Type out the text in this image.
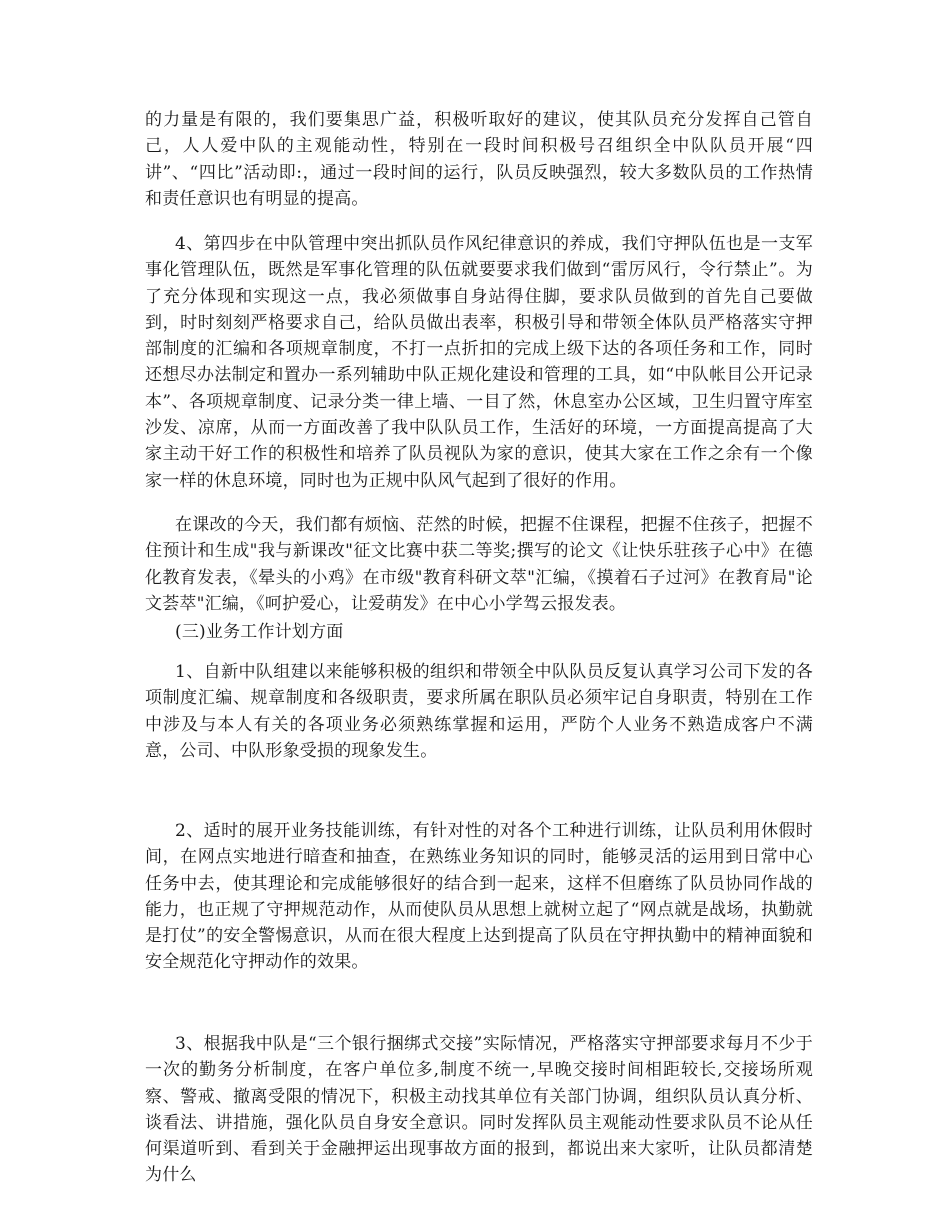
的力量是有限的，我们要集思广益，积极听取好的建议，使其队员充分发挥自己管自己，人人爱中队的主观能动性，特别在一段时间积极号召组织全中队队员开展“四讲”、“四比”活动即:，通过一段时间的运行，队员反映强烈，较大多数队员的工作热情和责任意识也有明显的提高。

4、第四步在中队管理中突出抓队员作风纪律意识的养成，我们守押队伍也是一支军事化管理队伍，既然是军事化管理的队伍就要要求我们做到“雷厉风行，令行禁止”。为了充分体现和实现这一点，我必须做事自身站得住脚，要求队员做到的首先自己要做到，时时刻刻严格要求自己，给队员做出表率，积极引导和带领全体队员严格落实守押部制度的汇编和各项规章制度，不打一点折扣的完成上级下达的各项任务和工作，同时还想尽办法制定和置办一系列辅助中队正规化建设和管理的工具，如“中队帐目公开记录本”、各项规章制度、记录分类一律上墙、一目了然，休息室办公区域，卫生归置守库室沙发、凉席，从而一方面改善了我中队队员工作，生活好的环境，一方面提高提高了大家主动干好工作的积极性和培养了队员视队为家的意识，使其大家在工作之余有一个像家一样的休息环境，同时也为正规中队风气起到了很好的作用。

在课改的今天，我们都有烦恼、茫然的时候，把握不住课程，把握不住孩子，把握不住预计和生成"我与新课改"征文比赛中获二等奖;撰写的论文《让快乐驻孩子心中》在德化教育发表，《晕头的小鸡》在市级"教育科研文萃"汇编，《摸着石子过河》在教育局"论文荟萃"汇编，《呵护爱心，让爱萌发》在中心小学驾云报发表。

(三)业务工作计划方面

1、自新中队组建以来能够积极的组织和带领全中队队员反复认真学习公司下发的各项制度汇编、规章制度和各级职责，要求所属在职队员必须牢记自身职责，特别在工作中涉及与本人有关的各项业务必须熟练掌握和运用，严防个人业务不熟造成客户不满意，公司、中队形象受损的现象发生。

2、适时的展开业务技能训练，有针对性的对各个工种进行训练，让队员利用休假时间，在网点实地进行暗查和抽查，在熟练业务知识的同时，能够灵活的运用到日常中心任务中去，使其理论和完成能够很好的结合到一起来，这样不但磨练了队员协同作战的能力，也正规了守押规范动作，从而使队员从思想上就树立起了“网点就是战场，执勤就是打仗”的安全警惕意识，从而在很大程度上达到提高了队员在守押执勤中的精神面貌和安全规范化守押动作的效果。

3、根据我中队是“三个银行捆绑式交接”实际情况，严格落实守押部要求每月不少于一次的勤务分析制度，在客户单位多,制度不统一,早晚交接时间相距较长,交接场所观察、警戒、撤离受限的情况下，积极主动找其单位有关部门协调，组织队员认真分析、谈看法、讲措施，强化队员自身安全意识。同时发挥队员主观能动性要求队员不论从任何渠道听到、看到关于金融押运出现事故方面的报到，都说出来大家听，让队员都清楚为什么
